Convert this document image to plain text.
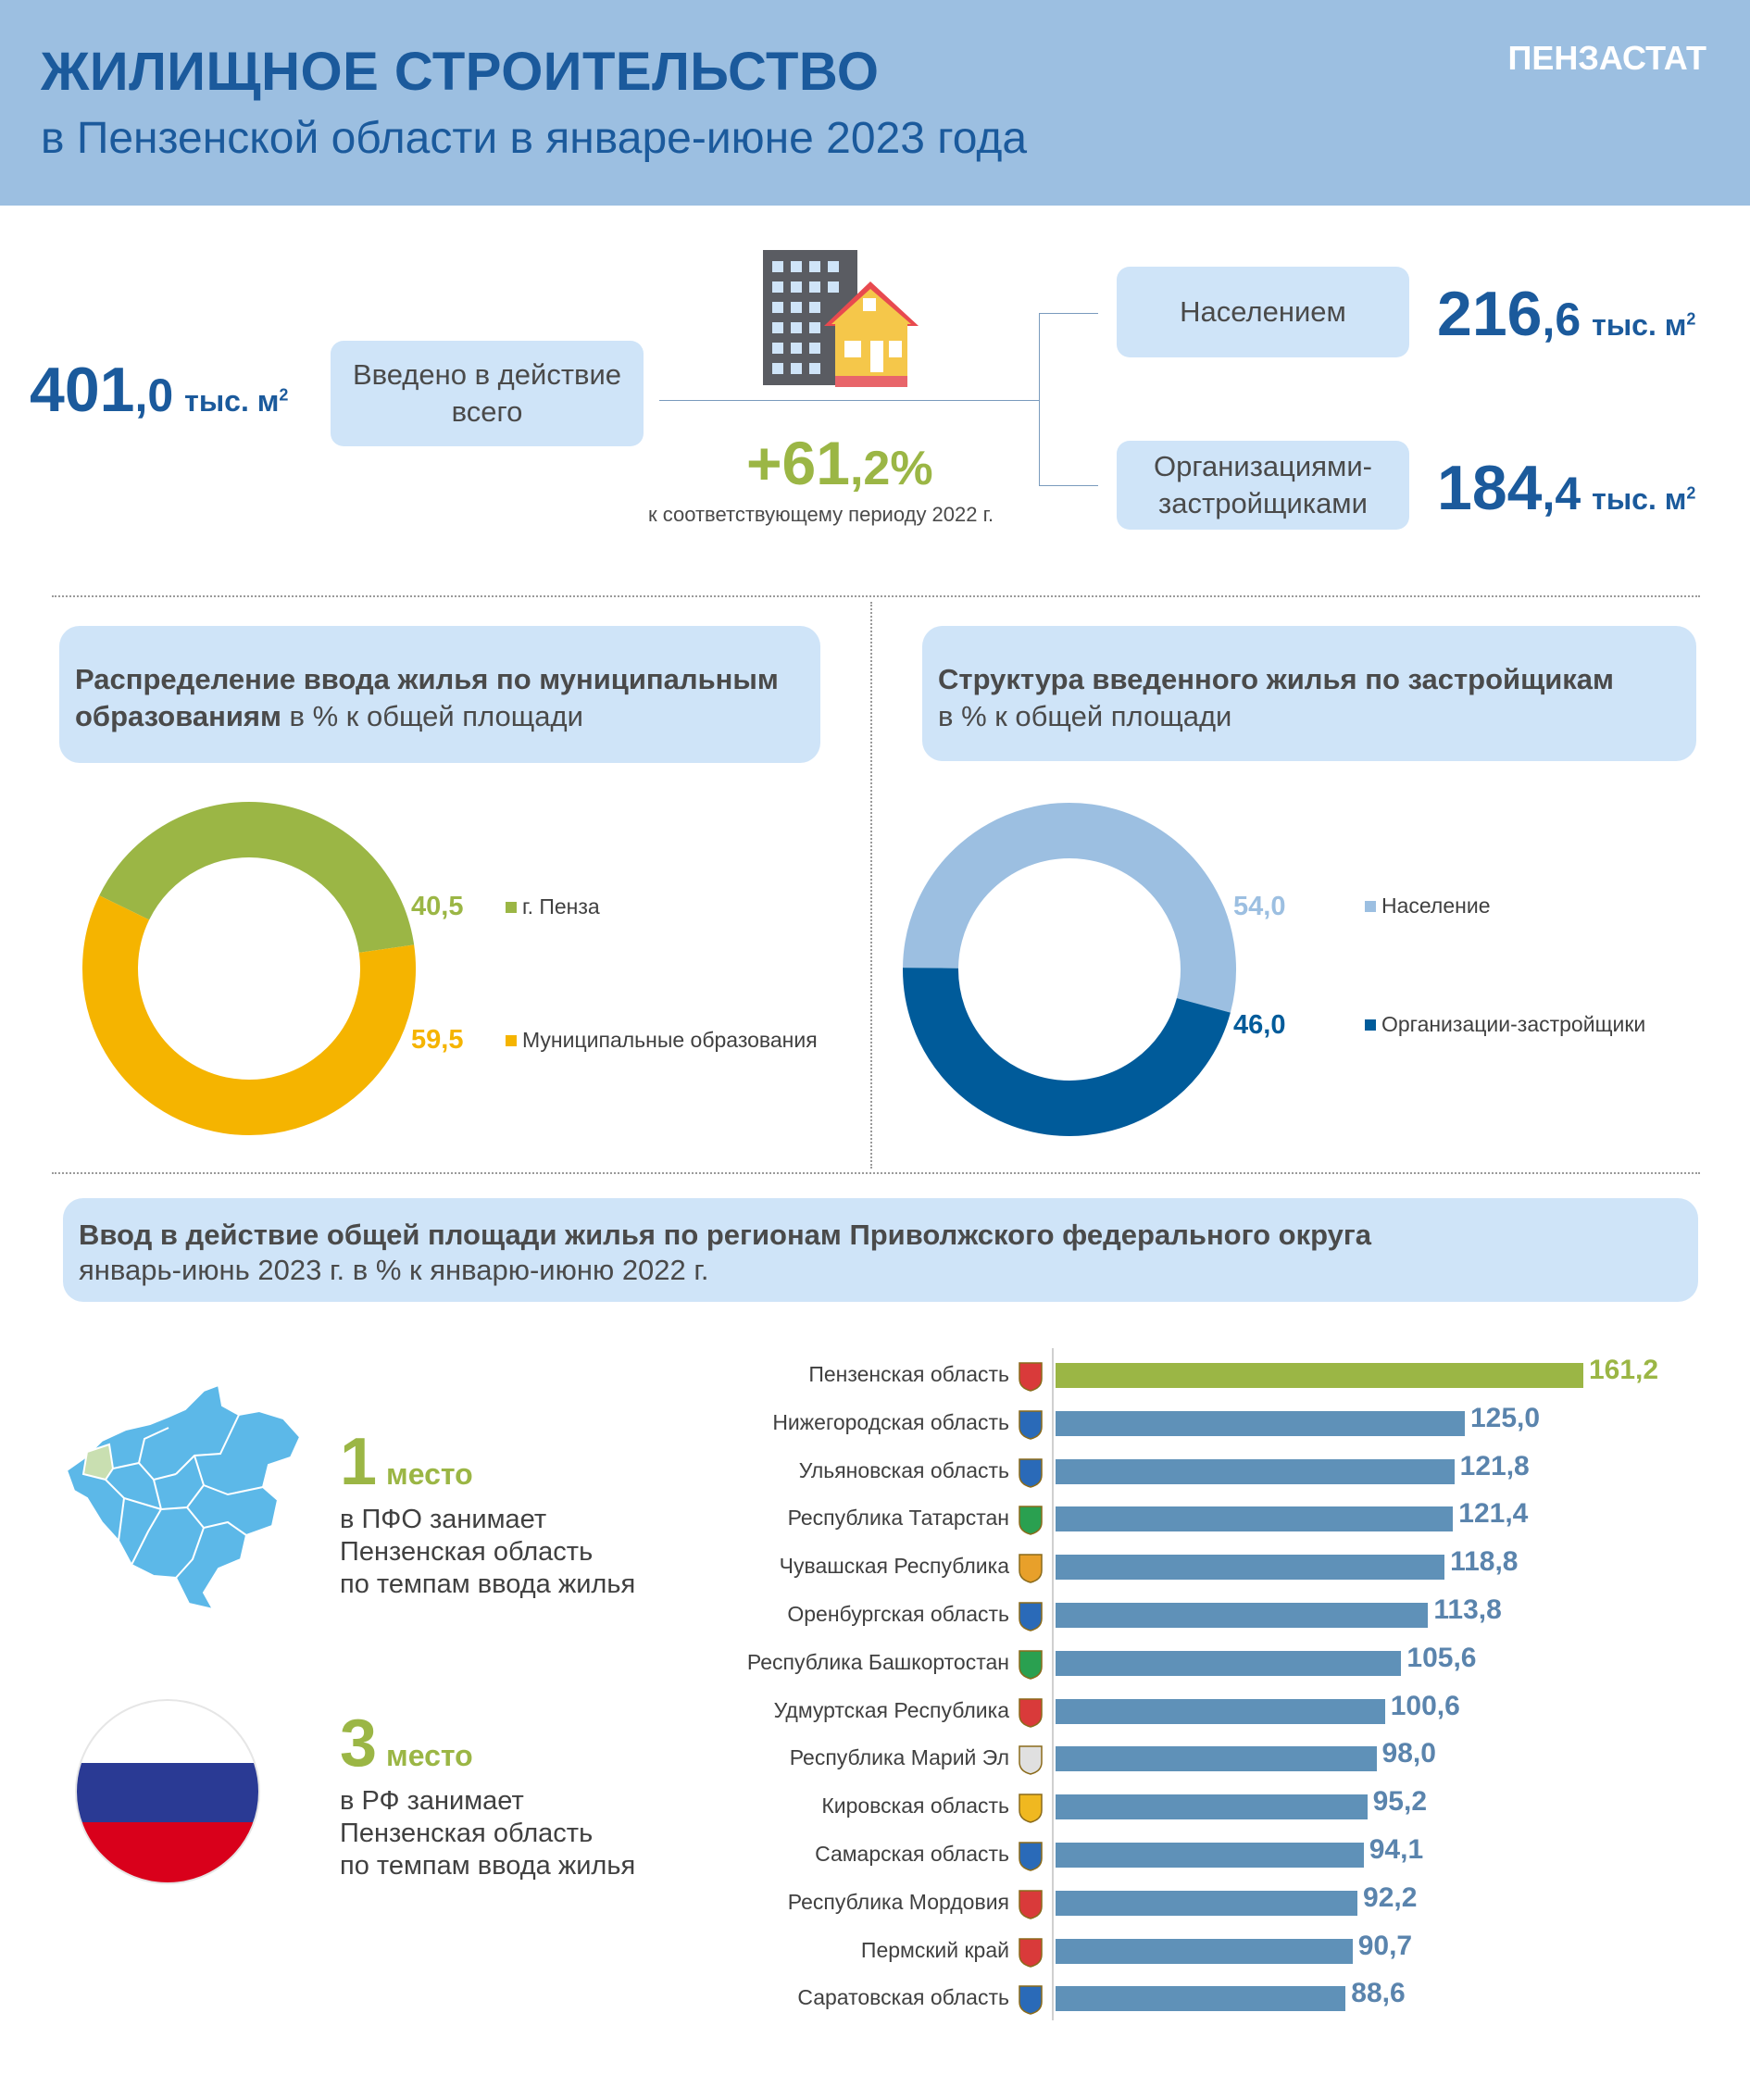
ЖИЛИЩНОЕ СТРОИТЕЛЬСТВО
в Пензенской области в январе-июне 2023 года
ПЕНЗАСТАТ
401,0 тыс. $м^2$
Введено в действие всего
+61,2%
к соответствующему периоду 2022 г.
Населением 216,6 тыс. $м^2$
Организациями-застройщиками 184,4 тыс. $м^2$
Распределение ввода жилья по муниципальным образованиям в % к общей площади
40,5
59,5
г. Пенза
Муниципальные образования
Структура введенного жилья по застройщикам
в % к общей площади
54,0
46,0
Население
Организации-застройщики
Ввод в действие общей площади жилья по регионам Приволжского федерального округа
январь-июнь 2023 г. в % к январю-июню 2022 г.
1 место
в ПФО занимает
Пензенская область
по темпам ввода жилья
3 место
в РФ занимает
Пензенская область
по темпам ввода жилья
Пензенская область	161,2
Нижегородская область	125,0
Ульяновская область	121,8
Республика Татарстан	121,4
Чувашская Республика	118,8
Оренбургская область	113,8
Республика Башкортостан	105,6
Удмуртская Республика	100,6
Республика Марий Эл	98,0
Кировская область	95,2
Самарская область	94,1
Республика Мордовия	92,2
Пермский край	90,7
Саратовская область	88,6
